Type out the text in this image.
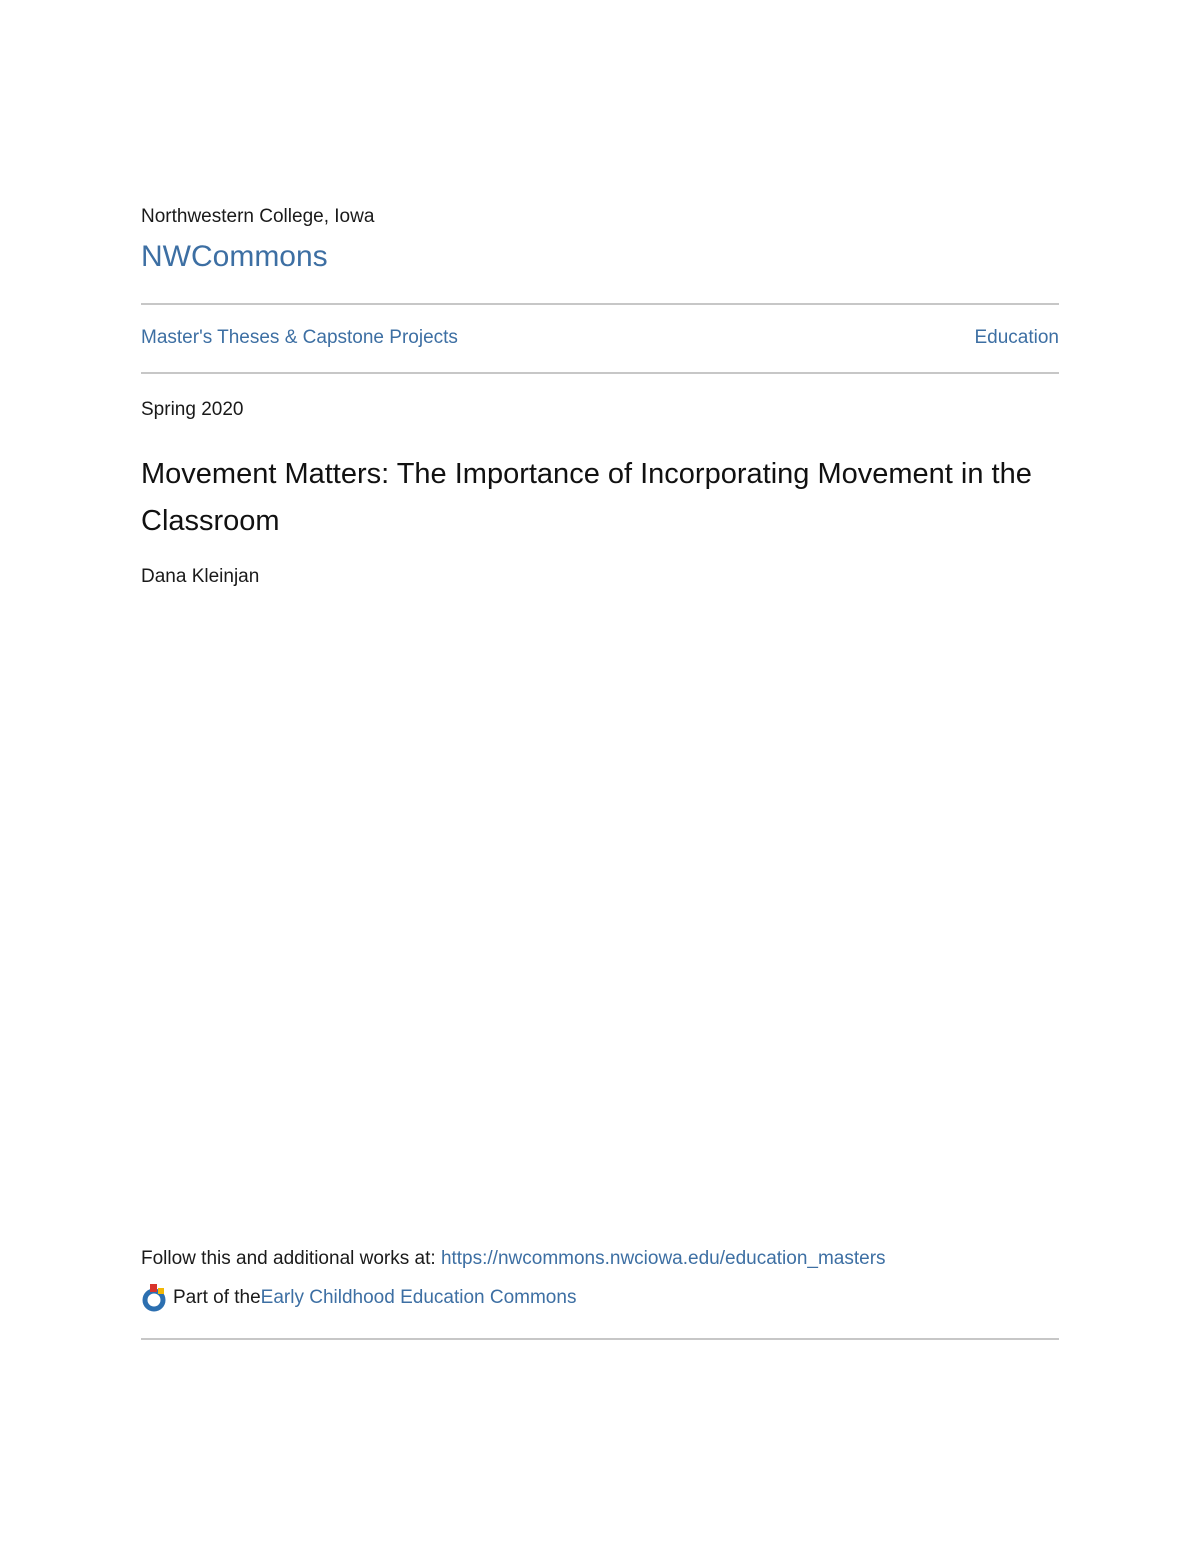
Northwestern College, Iowa
NWCommons
Master's Theses & Capstone Projects	Education
Spring 2020
Movement Matters: The Importance of Incorporating Movement in the Classroom
Dana Kleinjan
Follow this and additional works at: https://nwcommons.nwciowa.edu/education_masters
Part of the Early Childhood Education Commons
